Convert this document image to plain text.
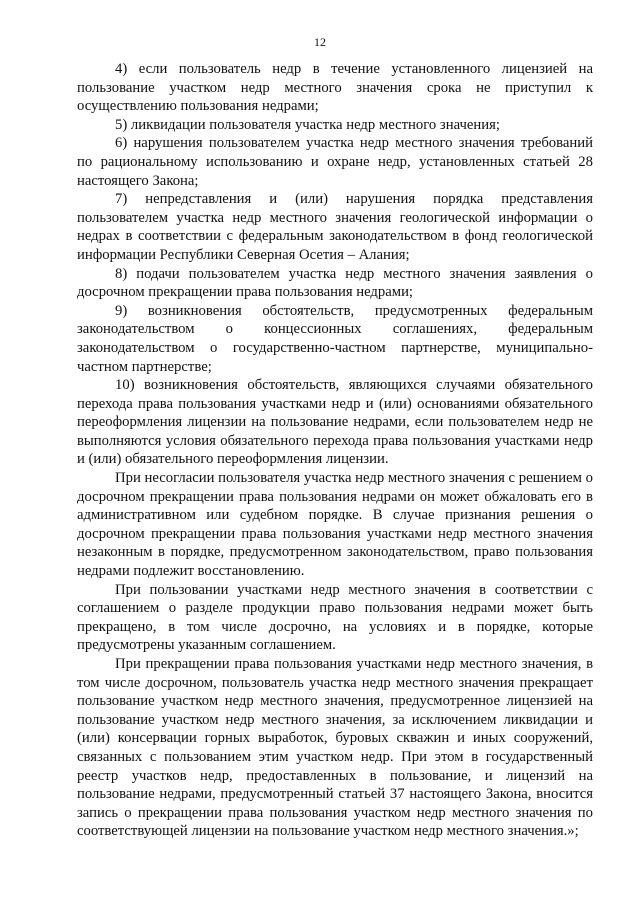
12

4) если пользователь недр в течение установленного лицензией на пользование участком недр местного значения срока не приступил к осуществлению пользования недрами;

5) ликвидации пользователя участка недр местного значения;

6) нарушения пользователем участка недр местного значения требований по рациональному использованию и охране недр, установленных статьей 28 настоящего Закона;

7) непредставления и (или) нарушения порядка представления пользователем участка недр местного значения геологической информации о недрах в соответствии с федеральным законодательством в фонд геологической информации Республики Северная Осетия – Алания;

8) подачи пользователем участка недр местного значения заявления о досрочном прекращении права пользования недрами;

9) возникновения обстоятельств, предусмотренных федеральным законодательством о концессионных соглашениях, федеральным законодательством о государственно-частном партнерстве, муниципально-частном партнерстве;

10) возникновения обстоятельств, являющихся случаями обязательного перехода права пользования участками недр и (или) основаниями обязательного переоформления лицензии на пользование недрами, если пользователем недр не выполняются условия обязательного перехода права пользования участками недр и (или) обязательного переоформления лицензии.

При несогласии пользователя участка недр местного значения с решением о досрочном прекращении права пользования недрами он может обжаловать его в административном или судебном порядке. В случае признания решения о досрочном прекращении права пользования участками недр местного значения незаконным в порядке, предусмотренном законодательством, право пользования недрами подлежит восстановлению.

При пользовании участками недр местного значения в соответствии с соглашением о разделе продукции право пользования недрами может быть прекращено, в том числе досрочно, на условиях и в порядке, которые предусмотрены указанным соглашением.

При прекращении права пользования участками недр местного значения, в том числе досрочном, пользователь участка недр местного значения прекращает пользование участком недр местного значения, предусмотренное лицензией на пользование участком недр местного значения, за исключением ликвидации и (или) консервации горных выработок, буровых скважин и иных сооружений, связанных с пользованием этим участком недр. При этом в государственный реестр участков недр, предоставленных в пользование, и лицензий на пользование недрами, предусмотренный статьей 37 настоящего Закона, вносится запись о прекращении права пользования участком недр местного значения по соответствующей лицензии на пользование участком недр местного значения.»;
